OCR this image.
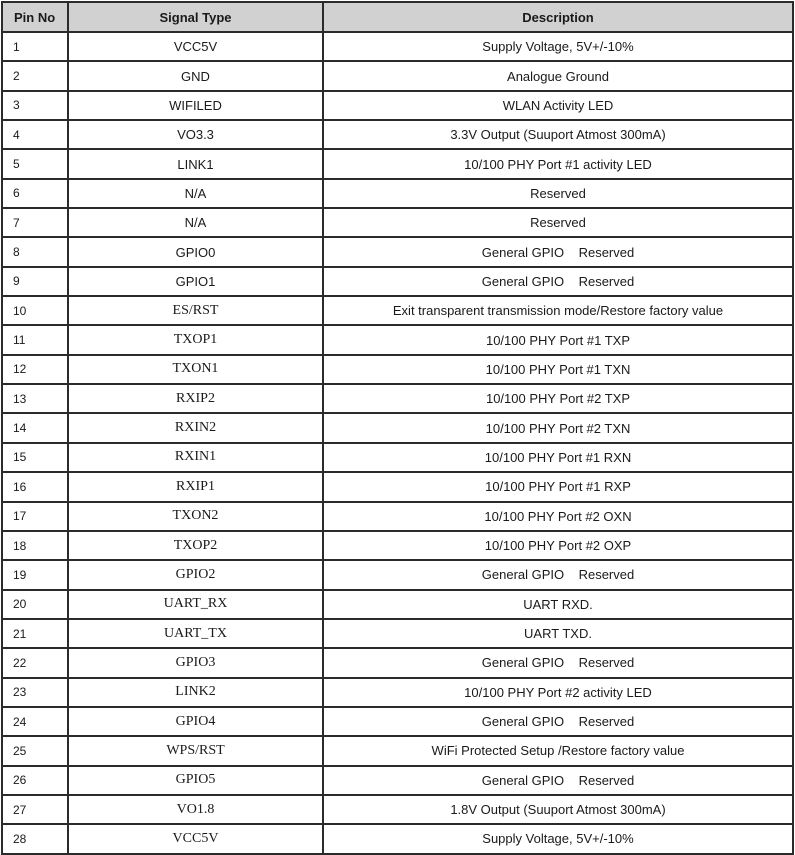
Pin No	Signal Type	Description
1	VCC5V	Supply Voltage, 5V+/-10%
2	GND	Analogue Ground
3	WIFILED	WLAN Activity LED
4	VO3.3	3.3V Output (Suuport Atmost 300mA)
5	LINK1	10/100 PHY Port #1 activity LED
6	N/A	Reserved
7	N/A	Reserved
8	GPIO0	General GPIO    Reserved
9	GPIO1	General GPIO    Reserved
10	ES/RST	Exit transparent transmission mode/Restore factory value
11	TXOP1	10/100 PHY Port #1 TXP
12	TXON1	10/100 PHY Port #1 TXN
13	RXIP2	10/100 PHY Port #2 TXP
14	RXIN2	10/100 PHY Port #2 TXN
15	RXIN1	10/100 PHY Port #1 RXN
16	RXIP1	10/100 PHY Port #1 RXP
17	TXON2	10/100 PHY Port #2 OXN
18	TXOP2	10/100 PHY Port #2 OXP
19	GPIO2	General GPIO    Reserved
20	UART_RX	UART RXD.
21	UART_TX	UART TXD.
22	GPIO3	General GPIO    Reserved
23	LINK2	10/100 PHY Port #2 activity LED
24	GPIO4	General GPIO    Reserved
25	WPS/RST	WiFi Protected Setup /Restore factory value
26	GPIO5	General GPIO    Reserved
27	VO1.8	1.8V Output (Suuport Atmost 300mA)
28	VCC5V	Supply Voltage, 5V+/-10%
